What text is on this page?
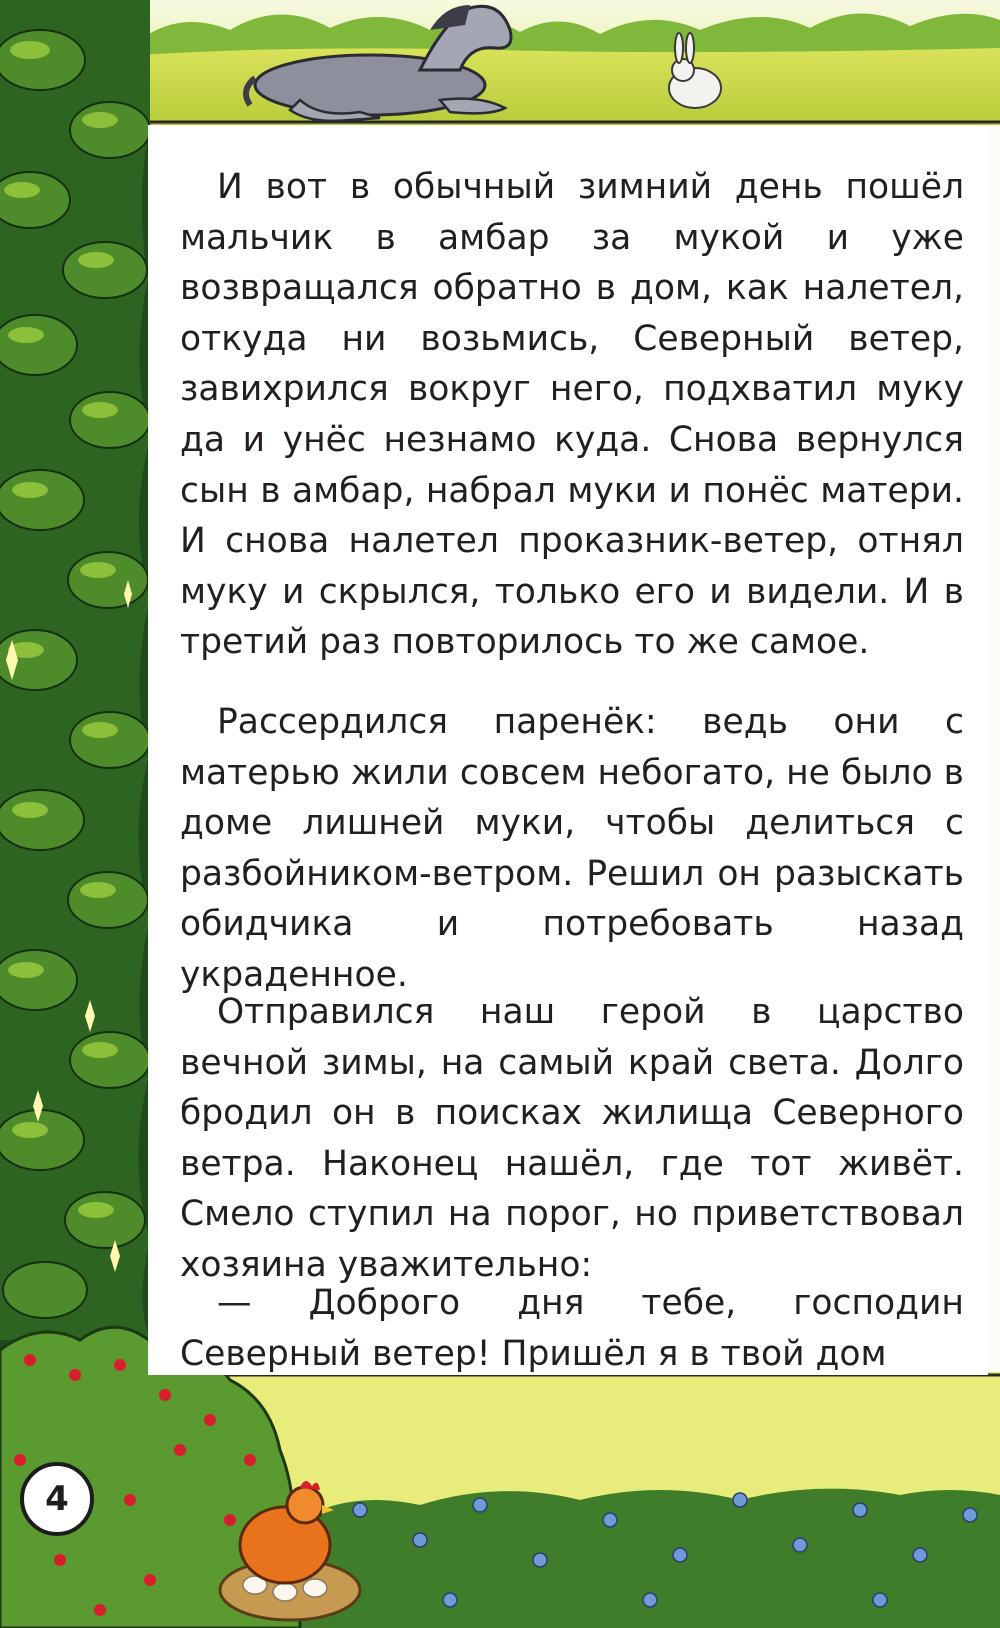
И вот в обычный зимний день пошёл мальчик в амбар за мукой и уже возвращался обратно в дом, как налетел, откуда ни возьмись, Северный ветер, завихрился вокруг него, подхватил муку да и унёс незнамо куда. Снова вернулся сын в амбар, набрал муки и понёс матери. И снова налетел проказник-ветер, отнял муку и скрылся, только его и видели. И в третий раз повторилось то же самое.
Рассердился паренёк: ведь они с матерью жили совсем небогато, не было в доме лишней муки, чтобы делиться с разбойником-ветром. Решил он разыскать обидчика и потребовать назад украденное.
Отправился наш герой в царство вечной зимы, на самый край света. Долго бродил он в поисках жилища Северного ветра. Наконец нашёл, где тот живёт. Смело ступил на порог, но приветствовал хозяина уважительно:
— Доброго дня тебе, господин Северный ветер! Пришёл я в твой дом
4
